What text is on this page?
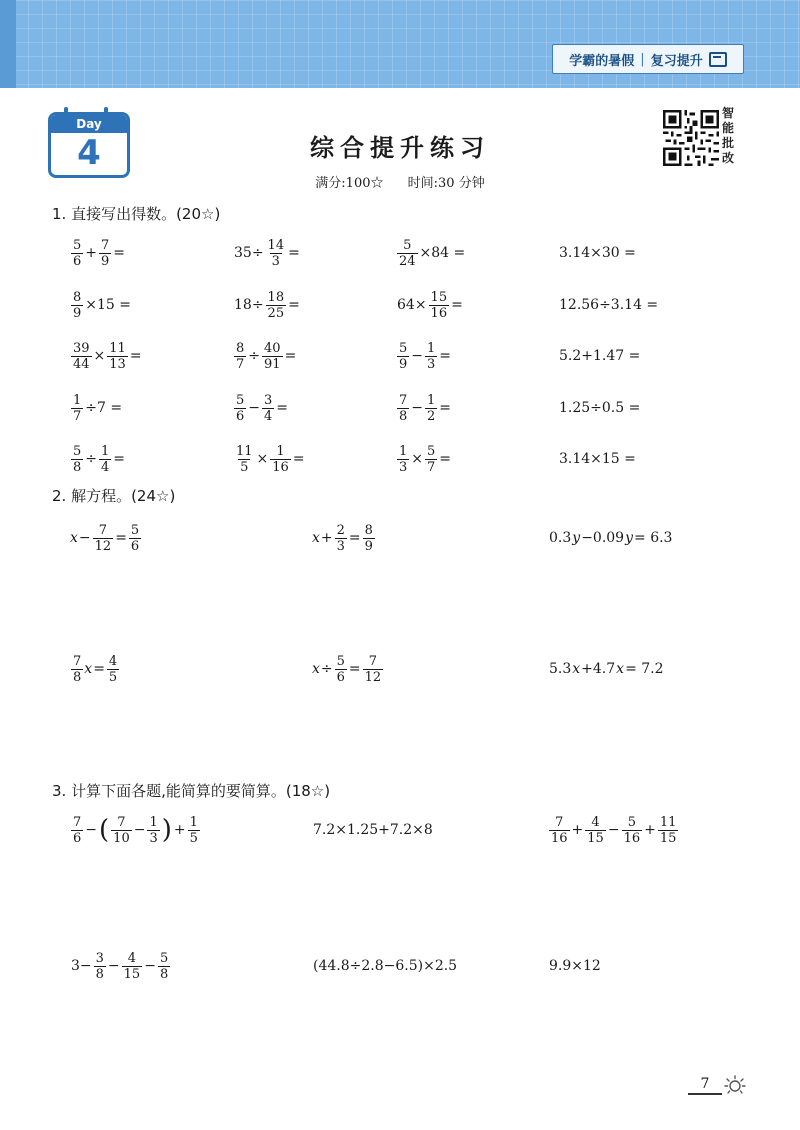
学霸的暑假 | 复习提升
Day
4	综合提升练习
满分:100☆ 时间:30 分钟
智
能
批
改
1. 直接写出得数。(20☆)
2. 解方程。(24☆)
3. 计算下面各题,能简算的要简算。(18☆)
$\frac{5}{6} + \frac{7}{9}$ =	$35\div \frac{14}{3}$ =	$\frac{5}{24} \times 84$ =	3.14×30 =
$\frac{8}{9} \times 15$ =	$18\div \frac{18}{25}$ =	$64\times \frac{15}{16}$ =	12.56÷3.14 =
$\frac{39}{44} \times \frac{11}{13}$ =	$\frac{8}{7} \div \frac{40}{91}$ =	$\frac{5}{9} - \frac{1}{3}$ =	5.2+1.47 =
$\frac{1}{7} \div 7$ =	$\frac{5}{6} - \frac{3}{4}$ =	$\frac{7}{8} - \frac{1}{2}$ =	1.25÷0.5 =
$\frac{5}{8} \div \frac{1}{4}$ =	$\frac{11}{5} \times \frac{1}{16}$ =	$\frac{1}{3} \times \frac{5}{7}$ =	3.14×15 =
$x - \frac{7}{12} = \frac{5}{6}$	$x + \frac{2}{3} = \frac{8}{9}$	0.3 y −0.09 y = 6.3
$\frac{7}{8}$ $x = \frac{4}{5}$	$x \div \frac{5}{6} = \frac{7}{12}$	5.3 x +4.7 x = 7.2
$\frac{7}{6}$ − ( $\frac{7}{10} - \frac{1}{3}$ ) + $\frac{1}{5}$	7.2×1.25+7.2×8	$\frac{7}{16} + \frac{4}{15} - \frac{5}{16} + \frac{11}{15}$
$3- \frac{3}{8} - \frac{4}{15} - \frac{5}{8}$	(44.8÷2.8−6.5)×2.5	9.9×12
7
